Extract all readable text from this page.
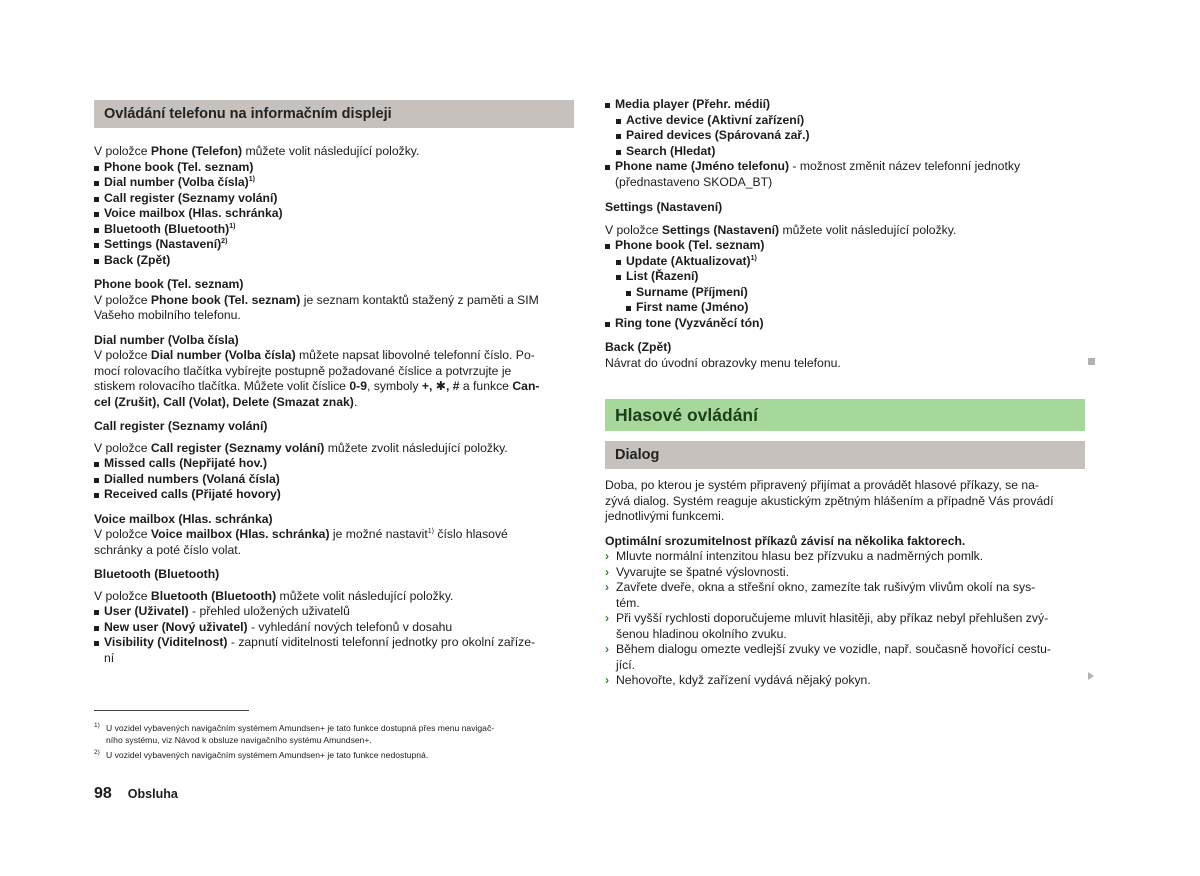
Ovládání telefonu na informačním displeji

V položce Phone (Telefon) můžete volit následující položky.

Phone book (Tel. seznam)
Dial number (Volba čísla)$^{1)}$
Call register (Seznamy volání)
Voice mailbox (Hlas. schránka)
Bluetooth (Bluetooth)$^{1)}$
Settings (Nastavení)$^{2)}$
Back (Zpět)

Phone book (Tel. seznam)

V položce Phone book (Tel. seznam) je seznam kontaktů stažený z paměti a SIM
Vašeho mobilního telefonu.

Dial number (Volba čísla)

V položce Dial number (Volba čísla) můžete napsat libovolné telefonní číslo. Po-
mocí rolovacího tlačítka vybírejte postupně požadované číslice a potvrzujte je
stiskem rolovacího tlačítka. Můžete volit číslice 0-9, symboly +, ✱, # a funkce Can-
cel (Zrušit), Call (Volat), Delete (Smazat znak).

Call register (Seznamy volání)

V položce Call register (Seznamy volání) můžete zvolit následující položky.

Missed calls (Nepřijaté hov.)
Dialled numbers (Volaná čísla)
Received calls (Přijaté hovory)

Voice mailbox (Hlas. schránka)

V položce Voice mailbox (Hlas. schránka) je možné nastavit$^{1)}$ číslo hlasové
schránky a poté číslo volat.

Bluetooth (Bluetooth)

V položce Bluetooth (Bluetooth) můžete volit následující položky.

User (Uživatel) - přehled uložených uživatelů
New user (Nový uživatel) - vyhledání nových telefonů v dosahu
Visibility (Viditelnost) - zapnutí viditelnosti telefonní jednotky pro okolní zaříze-
ní
Media player (Přehr. médií)
Active device (Aktivní zařízení)
Paired devices (Spárovaná zař.)
Search (Hledat)
Phone name (Jméno telefonu) - možnost změnit název telefonní jednotky
(přednastaveno SKODA_BT)

Settings (Nastavení)

V položce Settings (Nastavení) můžete volit následující položky.

Phone book (Tel. seznam)
Update (Aktualizovat)$^{1)}$
List (Řazení)
Surname (Příjmení)
First name (Jméno)
Ring tone (Vyzváněcí tón)

Back (Zpět)

Návrat do úvodní obrazovky menu telefonu.

Hlasové ovládání
Dialog

Doba, po kterou je systém připravený přijímat a provádět hlasové příkazy, se na-
zývá dialog. Systém reaguje akustickým zpětným hlášením a případně Vás provádí
jednotlivými funkcemi.

Optimální srozumitelnost příkazů závisí na několika faktorech.

› Mluvte normální intenzitou hlasu bez přízvuku a nadměrných pomlk.
› Vyvarujte se špatné výslovnosti.
› Zavřete dveře, okna a střešní okno, zamezíte tak rušivým vlivům okolí na sys-
tém.
› Při vyšší rychlosti doporučujeme mluvit hlasitěji, aby příkaz nebyl přehlušen zvý-
šenou hladinou okolního zvuku.
› Během dialogu omezte vedlejší zvuky ve vozidle, např. současně hovořící cestu-
jící.
› Nehovořte, když zařízení vydává nějaký pokyn.
1) U vozidel vybavených navigačním systémem Amundsen+ je tato funkce dostupná přes menu navigač-
ního systému, viz Návod k obsluze navigačního systému Amundsen+.
2) U vozidel vybavených navigačním systémem Amundsen+ je tato funkce nedostupná.
98 Obsluha
